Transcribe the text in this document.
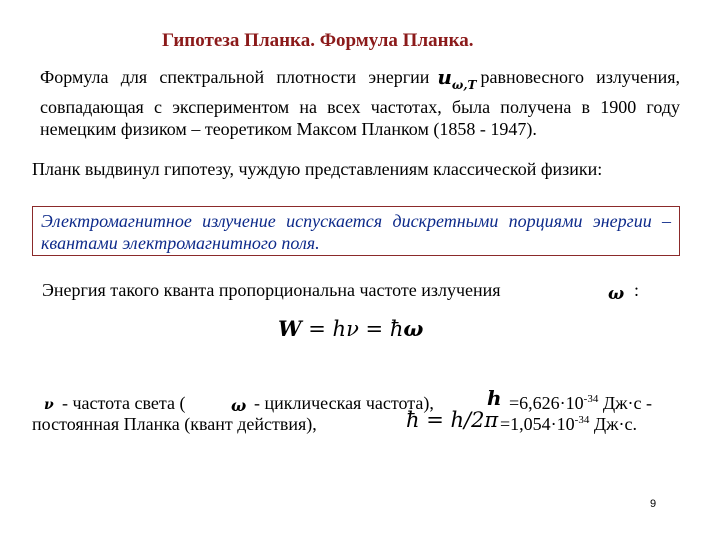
Гипотеза Планка. Формула Планка.
Формула для спектральной плотности энергии $u_{\omega,T}$ равновесного излучения, совпадающая с экспериментом на всех частотах, была получена в 1900 году немецким физиком – теоретиком Максом Планком (1858 - 1947).
Планк выдвинул гипотезу, чуждую представлениям классической физики:
Электромагнитное излучение испускается дискретными порциями энергии – квантами электромагнитного поля.
Энергия такого кванта пропорциональна частоте излучения	ω :
W = hν = ħω
ν - частота света (	ω - циклическая частота),	$h =6,626\cdot 10^{-34}$ Дж·с -
постоянная Планка (квант действия),	ħ = $h/2\pi =1,054\cdot 10^{-34}$ Дж·с.
9
